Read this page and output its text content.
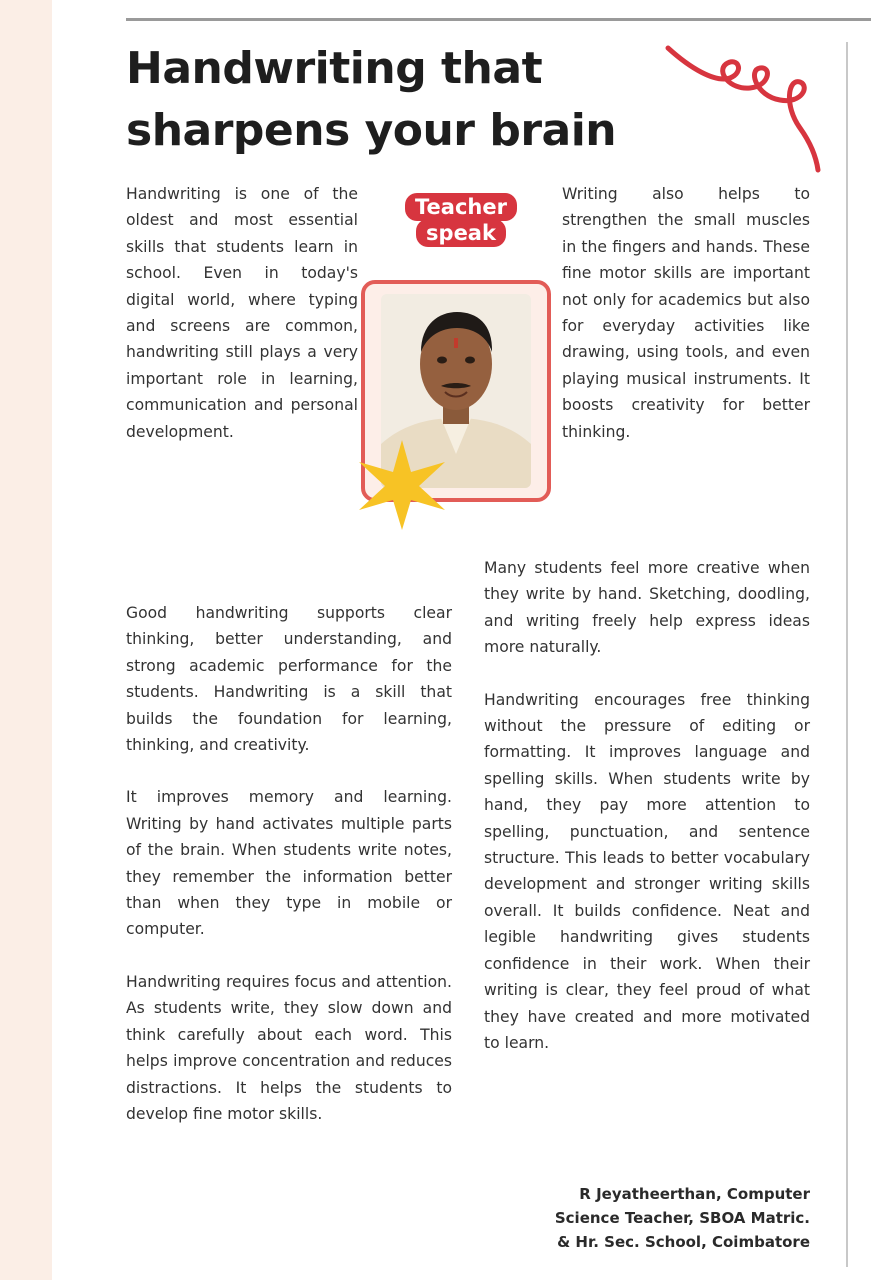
Handwriting that
sharpens your brain

Handwriting is one of the oldest and most essential skills that students learn in school. Even in today's digital world, where typing and screens are common, handwriting still plays a very important role in learning, communication and personal development.

Teacher
speak

Writing also helps to strengthen the small muscles in the fingers and hands. These fine motor skills are important not only for academics but also for everyday activities like drawing, using tools, and even playing musical instruments. It boosts creativity for better thinking.

Good handwriting supports clear thinking, better understanding, and strong academic performance for the students. Handwriting is a skill that builds the foundation for learning, thinking, and creativity.

It improves memory and learning. Writing by hand activates multiple parts of the brain. When students write notes, they remember the information better than when they type in mobile or computer.

Handwriting requires focus and attention. As students write, they slow down and think carefully about each word. This helps improve concentration and reduces distractions. It helps the students to develop fine motor skills.

Many students feel more creative when they write by hand. Sketching, doodling, and writing freely help express ideas more naturally.

Handwriting encourages free thinking without the pressure of editing or formatting. It improves language and spelling skills. When students write by hand, they pay more attention to spelling, punctuation, and sentence structure. This leads to better vocabulary development and stronger writing skills overall. It builds confidence. Neat and legible handwriting gives students confidence in their work. When their writing is clear, they feel proud of what they have created and more motivated to learn.

R Jeyatheerthan, Computer
Science Teacher, SBOA Matric.
& Hr. Sec. School, Coimbatore
